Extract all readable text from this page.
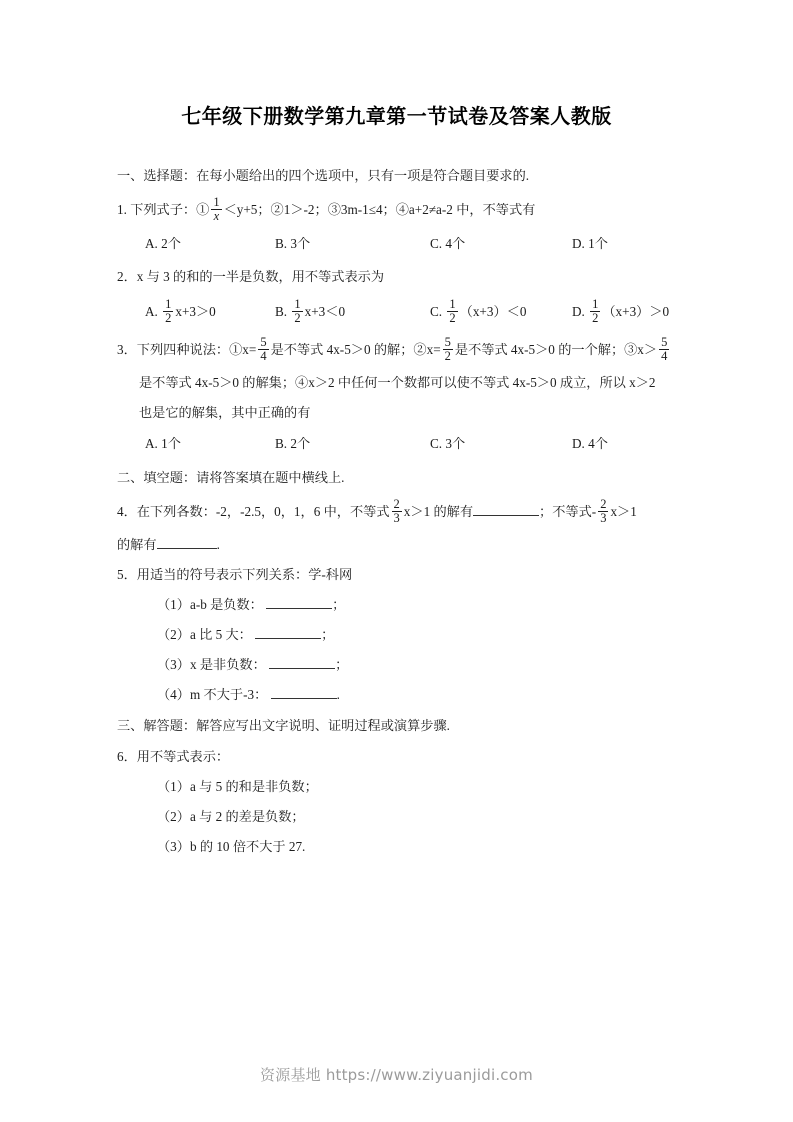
七年级下册数学第九章第一节试卷及答案人教版
一、选择题：在每小题给出的四个选项中，只有一项是符合题目要求的.
1. 下列式子：① $\frac{1}{x} <y+5$；②1＞-2；③3m-1≤4；④a+2≠a-2 中，不等式有
A. 2个	B. 3个	C. 4个	D. 1个
2．x 与 3 的和的一半是负数，用不等式表示为
A. $\frac{1}{2} x+3>0$	B. $\frac{1}{2} x+3<0$	C. $\frac{1}{2} (x+3)<0$	D. $\frac{1}{2} (x+3)>0$
3．下列四种说法：①x= $\frac{5}{4}$ 是不等式 4x-5＞0 的解；②x= $\frac{5}{2}$ 是不等式 4x-5＞0 的一个解；③x＞ $\frac{5}{4}$
是不等式 4x-5＞0 的解集；④x＞2 中任何一个数都可以使不等式 4x-5＞0 成立，所以 x＞2
也是它的解集，其中正确的有
A. 1个	B. 2个	C. 3个	D. 4个
二、填空题：请将答案填在题中横线上.
4．在下列各数：-2，-2.5，0，1，6 中，不等式 $\frac{2}{3} x>1$ 的解有	；不等式- $\frac{2}{3} x>1$
的解有	.
5．用适当的符号表示下列关系：学-科网
（1）a-b 是负数：	；
（2）a 比 5 大：	；
（3）x 是非负数：	；
（4）m 不大于-3：	.
三、解答题：解答应写出文字说明、证明过程或演算步骤.
6．用不等式表示：
（1）a 与 5 的和是非负数；
（2）a 与 2 的差是负数；
（3）b 的 10 倍不大于 27.
资源基地 https://www.ziyuanjidi.com
